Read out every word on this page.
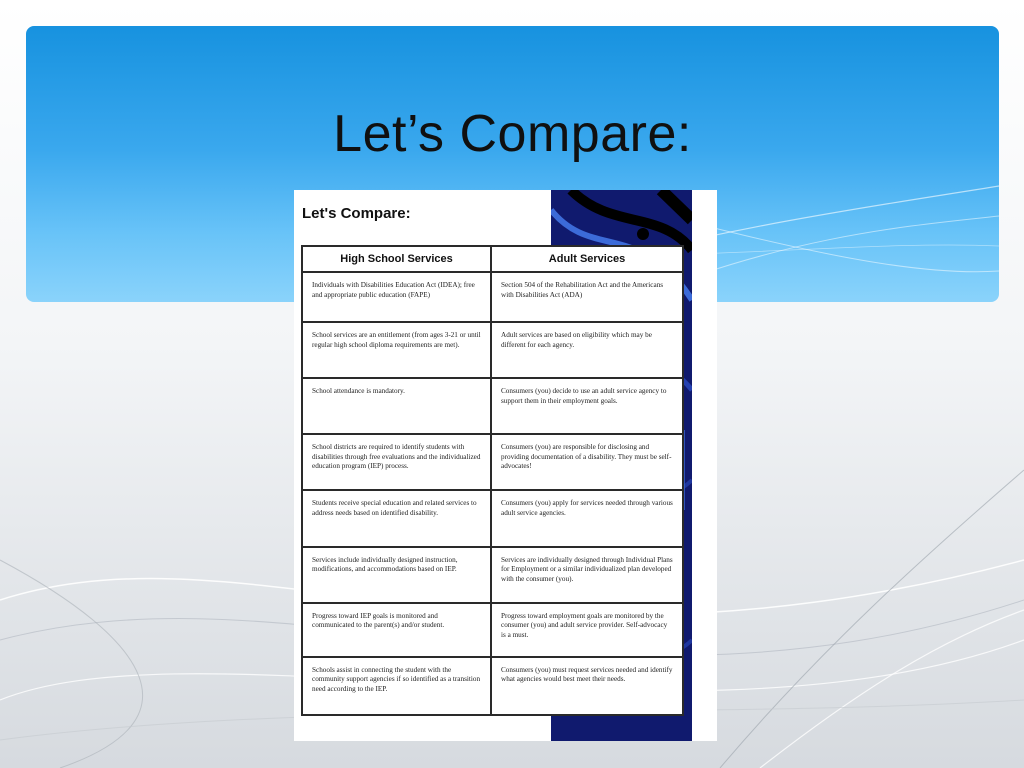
Let’s Compare:
Let's Compare:
High School Services	Adult Services
Individuals with Disabilities Education Act (IDEA); free and appropriate public education (FAPE)	Section 504 of the Rehabilitation Act and the Americans with Disabilities Act (ADA)
School services are an entitlement (from ages 3-21 or until regular high school diploma requirements are met).	Adult services are based on eligibility which may be different for each agency.
School attendance is mandatory.	Consumers (you) decide to use an adult service agency to support them in their employment goals.
School districts are required to identify students with disabilities through free evaluations and the individualized education program (IEP) process.	Consumers (you) are responsible for disclosing and providing documentation of a disability. They must be self-advocates!
Students receive special education and related services to address needs based on identified disability.	Consumers (you) apply for services needed through various adult service agencies.
Services include individually designed instruction, modifications, and accommodations based on IEP.	Services are individually designed through Individual Plans for Employment or a similar individualized plan developed with the consumer (you).
Progress toward IEP goals is monitored and communicated to the parent(s) and/or student.	Progress toward employment goals are monitored by the consumer (you) and adult service provider. Self-advocacy is a must.
Schools assist in connecting the student with the community support agencies if so identified as a transition need according to the IEP.	Consumers (you) must request services needed and identify what agencies would best meet their needs.
